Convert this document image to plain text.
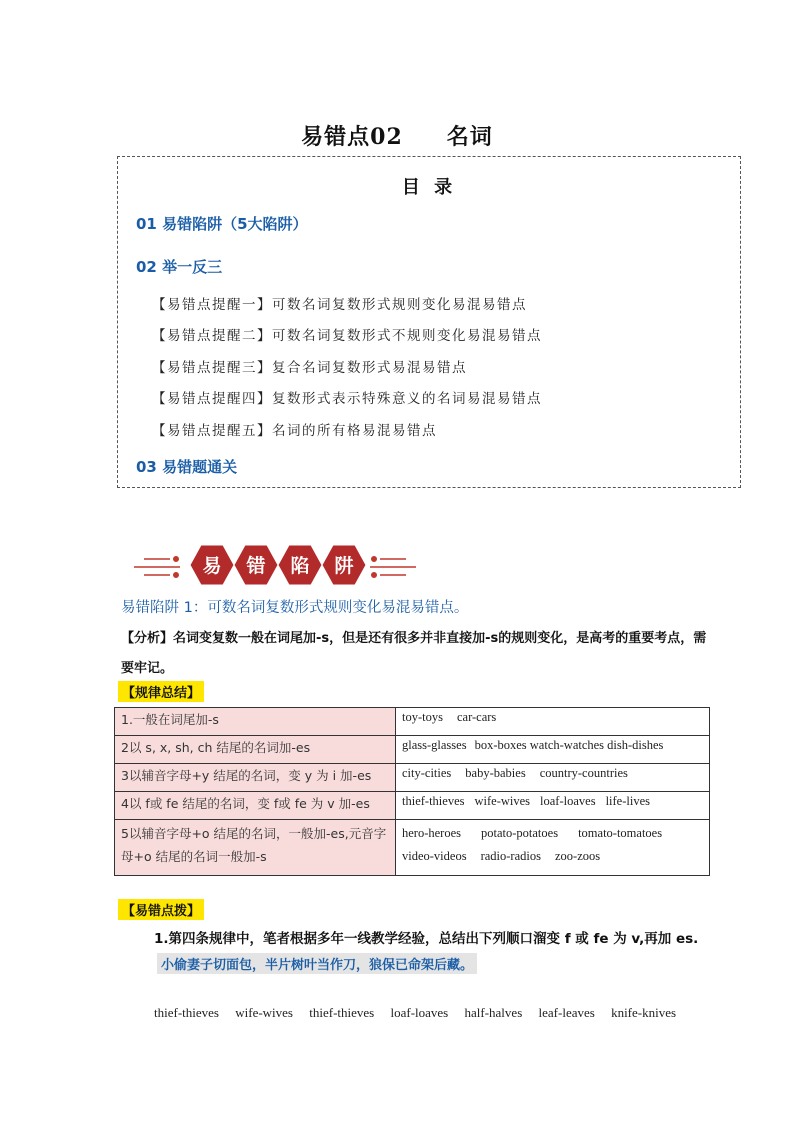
易错点02 名词
目 录
01 易错陷阱（5大陷阱）
02 举一反三
【易错点提醒一】可数名词复数形式规则变化易混易错点
【易错点提醒二】可数名词复数形式不规则变化易混易错点
【易错点提醒三】复合名词复数形式易混易错点
【易错点提醒四】复数形式表示特殊意义的名词易混易错点
【易错点提醒五】名词的所有格易混易错点
03 易错题通关
易 错 陷 阱
易错陷阱 1：可数名词复数形式规则变化易混易错点。
【分析】名词变复数一般在词尾加-s，但是还有很多并非直接加-s的规则变化，是高考的重要考点，需要牢记。
【规律总结】
1.一般在词尾加-s	toy-toys car-cars
2以 s, x, sh, ch 结尾的名词加-es	glass-glasses box-boxes watch-watches dish-dishes
3以辅音字母+y 结尾的名词，变 y 为 i 加-es	city-cities baby-babies country-countries
4以 f或 fe 结尾的名词，变 f或 fe 为 v 加-es	thief-thieves wife-wives loaf-loaves life-lives
5以辅音字母+o 结尾的名词，一般加-es,元音字母+o 结尾的名词一般加-s	hero-heroes potato-potatoes tomato-tomatoes
video-videos radio-radios zoo-zoos
【易错点拨】
1.第四条规律中，笔者根据多年一线教学经验，总结出下列顺口溜变 f 或 fe 为 v,再加 es.
小偷妻子切面包，半片树叶当作刀，狼保已命架后藏。
thief-thieves wife-wives thief-thieves loaf-loaves half-halves leaf-leaves knife-knives
